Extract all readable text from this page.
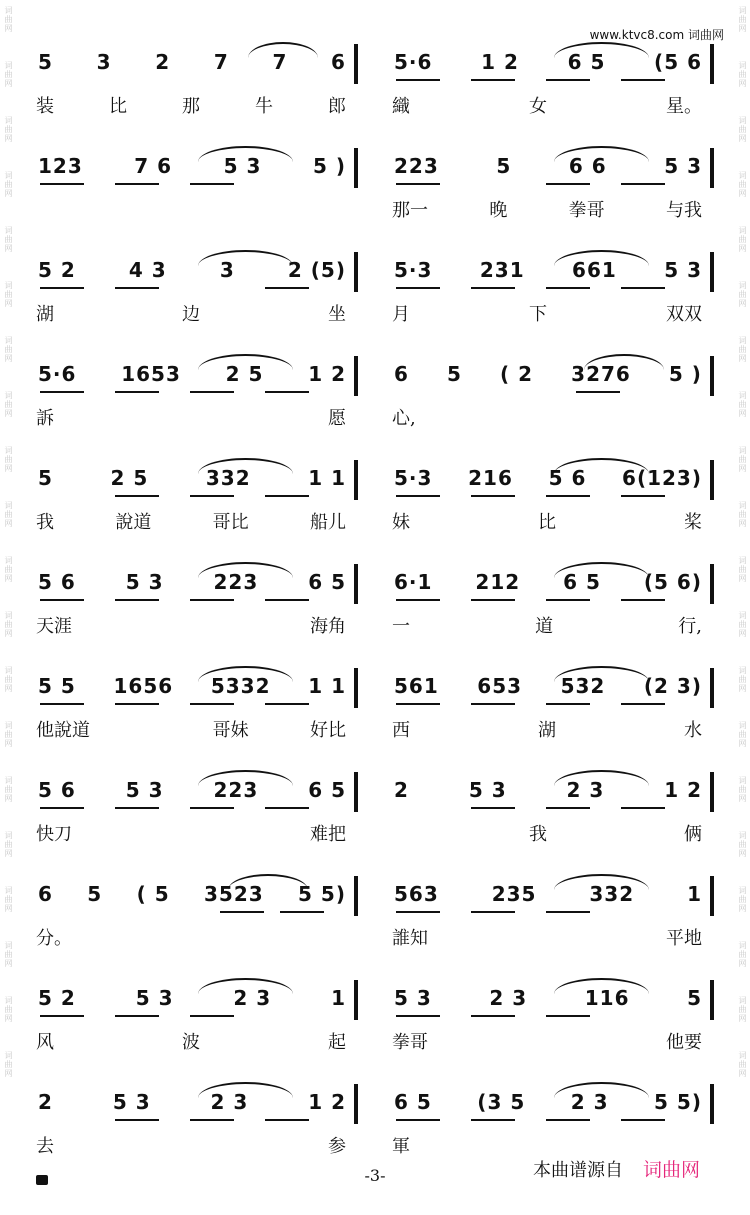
词曲网
词曲网
词曲网
词曲网
词曲网
词曲网
词曲网
词曲网
词曲网
词曲网
词曲网
词曲网
词曲网
词曲网
词曲网
词曲网
词曲网
词曲网
词曲网
词曲网
词曲网
词曲网
词曲网
词曲网
词曲网
词曲网
词曲网
词曲网
词曲网
词曲网
词曲网
词曲网
词曲网
词曲网
词曲网
词曲网
词曲网
词曲网
词曲网
词曲网
www.ktvc8.com 词曲网
5 3 2 7 7 6
装	比	那	牛	郎
5·6 1 2 6 5 (5 6
織	女	星。
123	7 6	5 3	5 ) 223	5	6 6	5 3
那一	晚	拳哥	与我
5 2	4 3	3	2 (5)
湖	边	坐
5·3 231 661 5 3
月	下	双双
5·6 1653 2 5 1 2
訴	愿
6 5 ( 2 3276 5 )
心,
5	2 5	332	1 1
我	說道	哥比	船儿
5·3 216 5 6 6(123)
妹	比	桨
5 6 5 3 223 6 5
天涯	海角
6·1 212 6 5 (5 6)
一	道	行,
5 5 1656 5332 1 1
他說道	哥妹	好比
561 653 532 (2 3)
西	湖	水
5 6 5 3 223 6 5
快刀	难把
2	5 3	2 3	1 2
我	俩
6 5 ( 5 3523 5 5)
分。
563	235	332	1
誰知	平地
5 2	5 3	2 3	1
风	波	起
5 3	2 3	116	5
拳哥	他要
2	5 3	2 3	1 2
去	参
6 5 (3 5 2 3 5 5)
軍
-3-	本曲谱源自 词曲网
